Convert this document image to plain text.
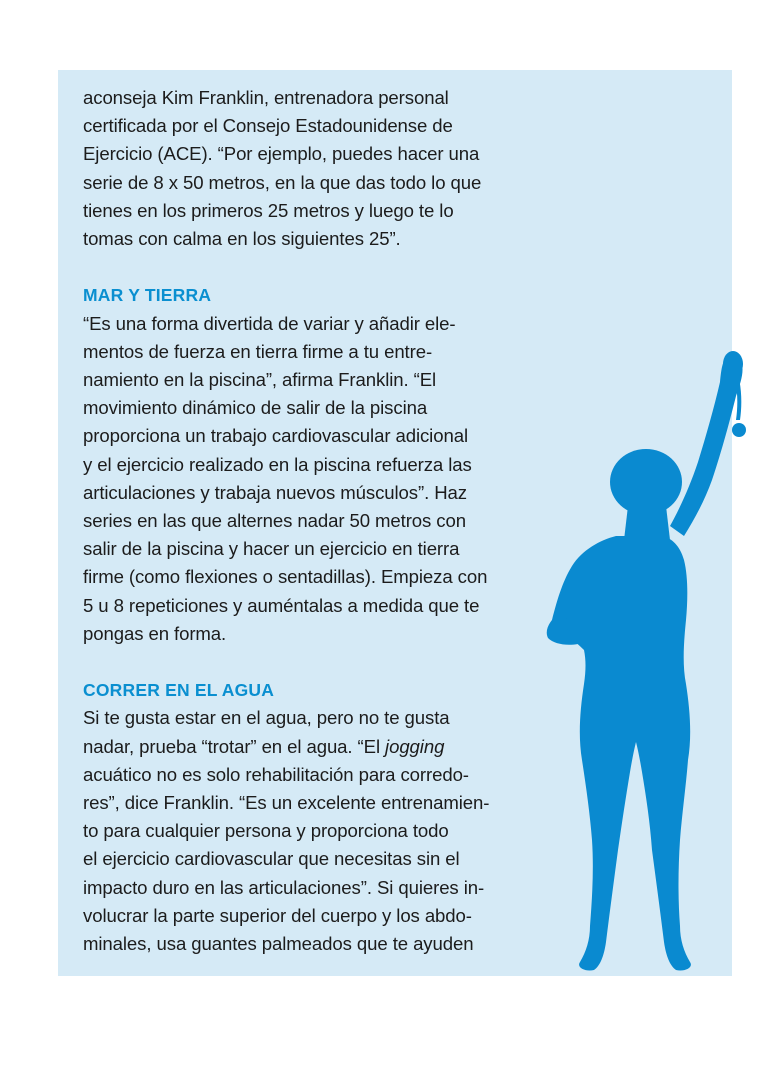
aconseja Kim Franklin, entrenadora personal
certificada por el Consejo Estadounidense de
Ejercicio (ACE). “Por ejemplo, puedes hacer una
serie de 8 x 50 metros, en la que das todo lo que
tienes en los primeros 25 metros y luego te lo
tomas con calma en los siguientes 25”.
MAR Y TIERRA
“Es una forma divertida de variar y añadir ele-
mentos de fuerza en tierra firme a tu entre-
namiento en la piscina”, afirma Franklin. “El
movimiento dinámico de salir de la piscina
proporciona un trabajo cardiovascular adicional
y el ejercicio realizado en la piscina refuerza las
articulaciones y trabaja nuevos músculos”. Haz
series en las que alternes nadar 50 metros con
salir de la piscina y hacer un ejercicio en tierra
firme (como flexiones o sentadillas). Empieza con
5 u 8 repeticiones y auméntalas a medida que te
pongas en forma.
CORRER EN EL AGUA
Si te gusta estar en el agua, pero no te gusta
nadar, prueba “trotar” en el agua. “El jogging
acuático no es solo rehabilitación para corredo-
res”, dice Franklin. “Es un excelente entrenamien-
to para cualquier persona y proporciona todo
el ejercicio cardiovascular que necesitas sin el
impacto duro en las articulaciones”. Si quieres in-
volucrar la parte superior del cuerpo y los abdo-
minales, usa guantes palmeados que te ayuden
